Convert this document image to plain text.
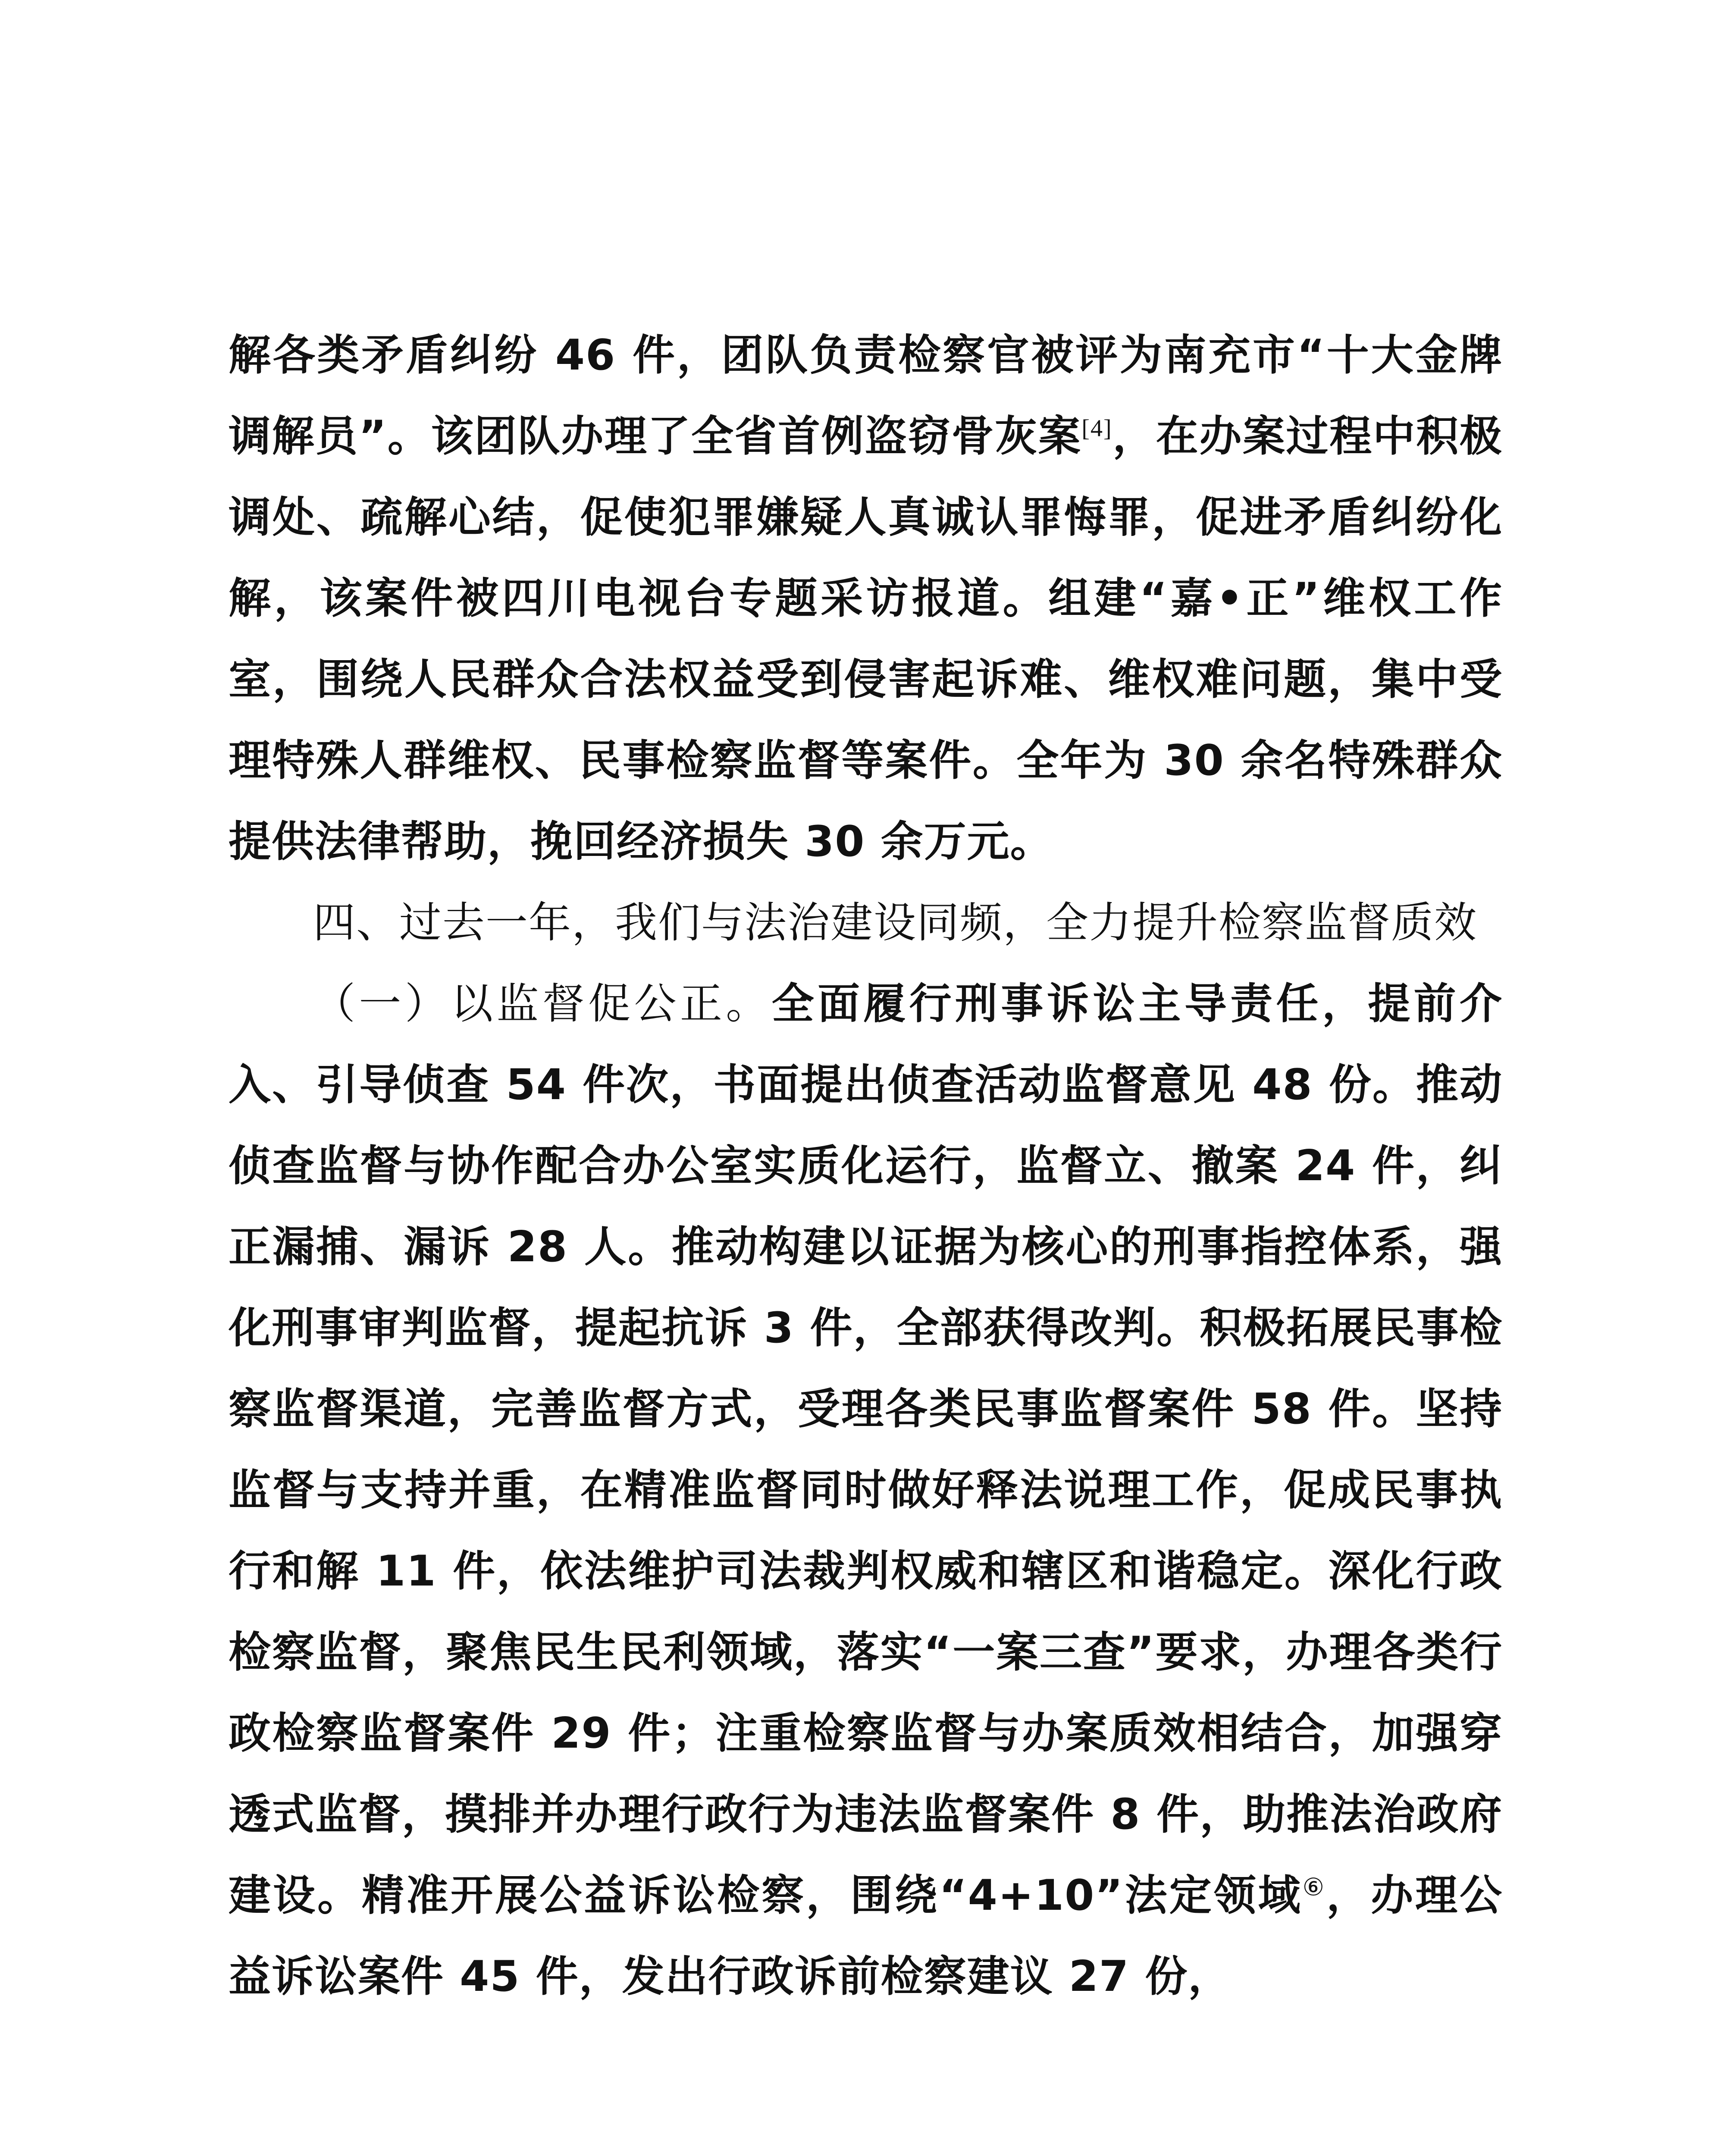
解各类矛盾纠纷 46 件，团队负责检察官被评为南充市“十大金牌调解员”。该团队办理了全省首例盗窃骨灰案[4]，在办案过程中积极调处、疏解心结，促使犯罪嫌疑人真诚认罪悔罪，促进矛盾纠纷化解，该案件被四川电视台专题采访报道。组建“嘉•正”维权工作室，围绕人民群众合法权益受到侵害起诉难、维权难问题，集中受理特殊人群维权、民事检察监督等案件。全年为 30 余名特殊群众提供法律帮助，挽回经济损失 30 余万元。

四、过去一年，我们与法治建设同频，全力提升检察监督质效

（一）以监督促公正。全面履行刑事诉讼主导责任，提前介入、引导侦查 54 件次，书面提出侦查活动监督意见 48 份。推动侦查监督与协作配合办公室实质化运行，监督立、撤案 24 件，纠正漏捕、漏诉 28 人。推动构建以证据为核心的刑事指控体系，强化刑事审判监督，提起抗诉 3 件，全部获得改判。积极拓展民事检察监督渠道，完善监督方式，受理各类民事监督案件 58 件。坚持监督与支持并重，在精准监督同时做好释法说理工作，促成民事执行和解 11 件，依法维护司法裁判权威和辖区和谐稳定。深化行政检察监督，聚焦民生民利领域，落实“一案三查”要求，办理各类行政检察监督案件 29 件；注重检察监督与办案质效相结合，加强穿透式监督，摸排并办理行政行为违法监督案件 8 件，助推法治政府建设。精准开展公益诉讼检察，围绕“4+10”法定领域⑥，办理公益诉讼案件 45 件，发出行政诉前检察建议 27 份，
